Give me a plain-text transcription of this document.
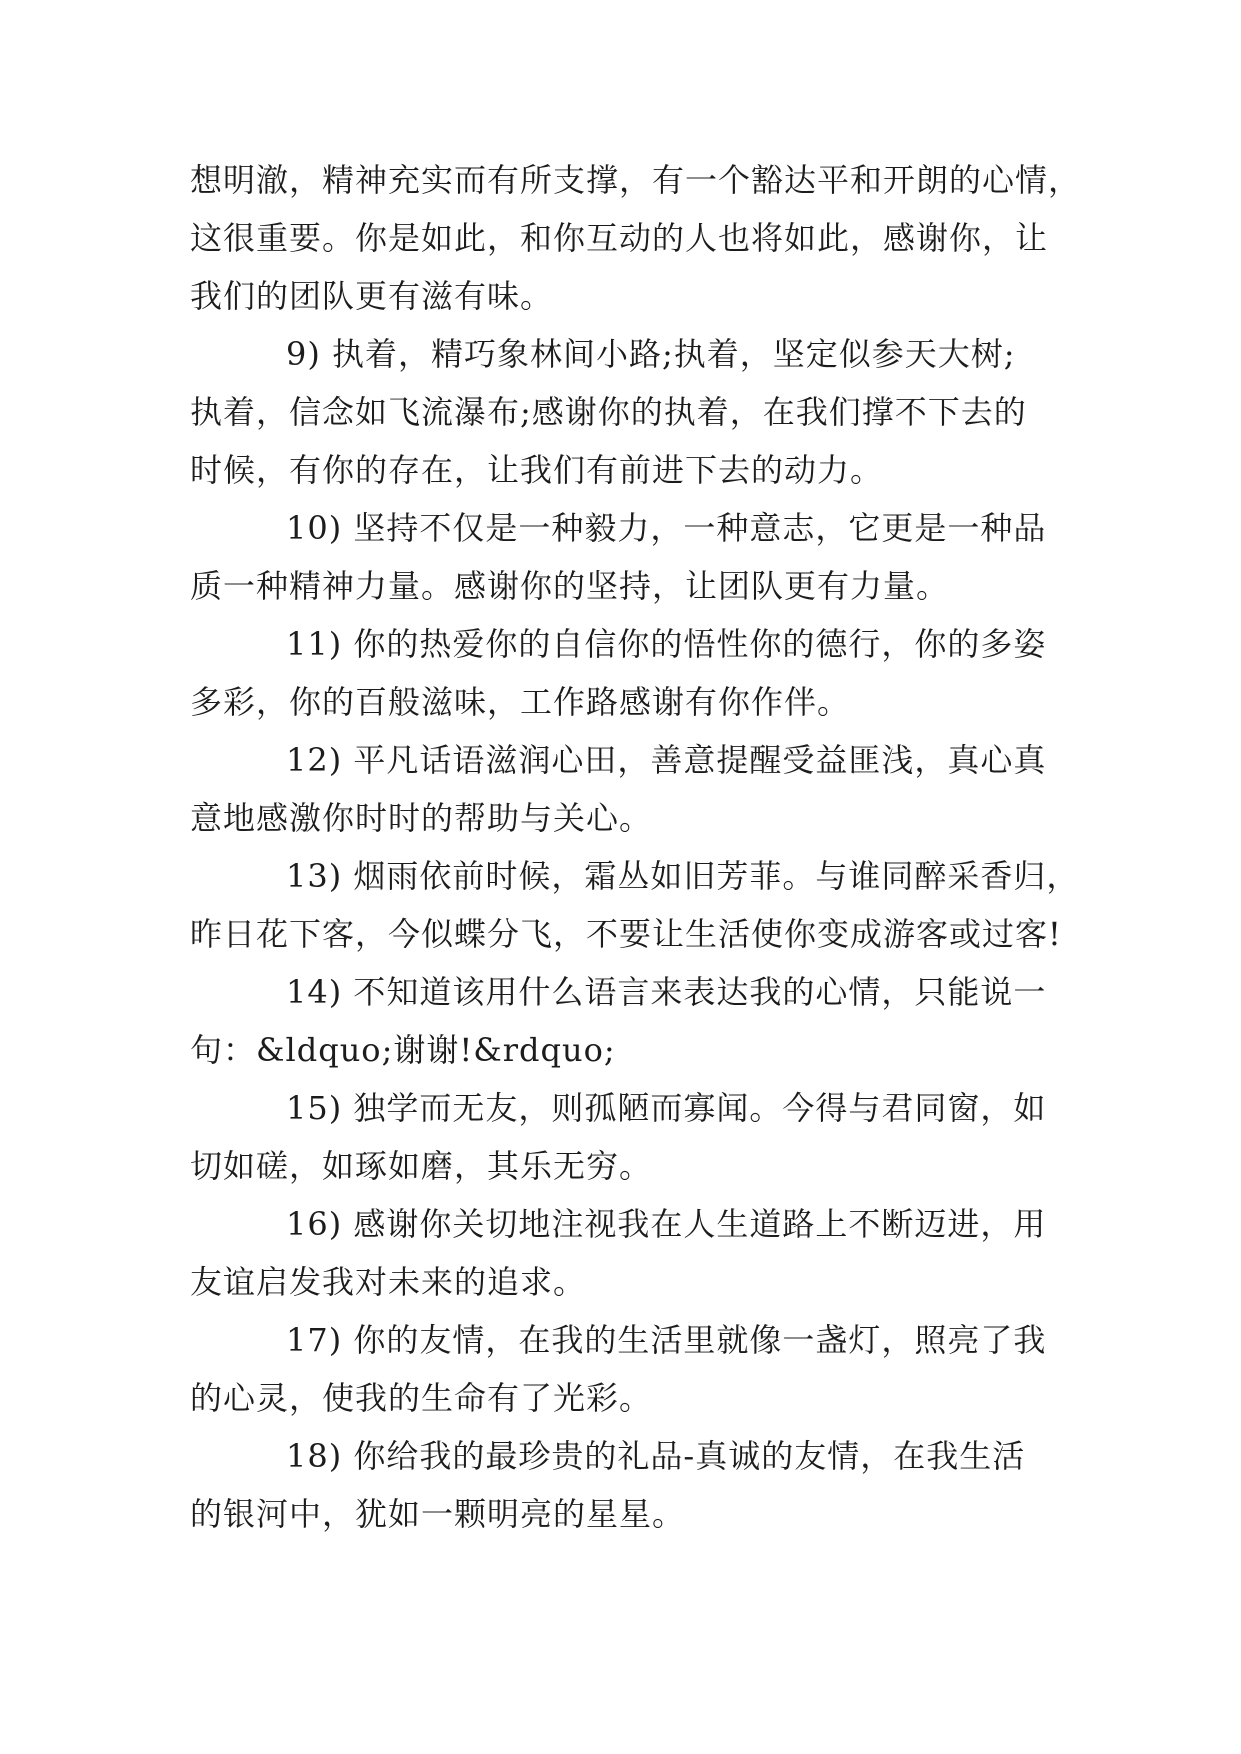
想明澈，精神充实而有所支撑，有一个豁达平和开朗的心情，
这很重要。你是如此，和你互动的人也将如此，感谢你，让
我们的团队更有滋有味。

9) 执着，精巧象林间小路;执着，坚定似参天大树;
执着，信念如飞流瀑布;感谢你的执着，在我们撑不下去的
时候，有你的存在，让我们有前进下去的动力。

10) 坚持不仅是一种毅力，一种意志，它更是一种品
质一种精神力量。感谢你的坚持，让团队更有力量。

11) 你的热爱你的自信你的悟性你的德行，你的多姿
多彩，你的百般滋味，工作路感谢有你作伴。

12) 平凡话语滋润心田，善意提醒受益匪浅，真心真
意地感激你时时的帮助与关心。

13) 烟雨依前时候，霜丛如旧芳菲。与谁同醉采香归，
昨日花下客，今似蝶分飞，不要让生活使你变成游客或过客!

14) 不知道该用什么语言来表达我的心情，只能说一
句：&ldquo;谢谢!&rdquo;

15) 独学而无友，则孤陋而寡闻。今得与君同窗，如
切如磋，如琢如磨，其乐无穷。

16) 感谢你关切地注视我在人生道路上不断迈进，用
友谊启发我对未来的追求。

17) 你的友情，在我的生活里就像一盏灯，照亮了我
的心灵，使我的生命有了光彩。

18) 你给我的最珍贵的礼品-真诚的友情，在我生活
的银河中，犹如一颗明亮的星星。
